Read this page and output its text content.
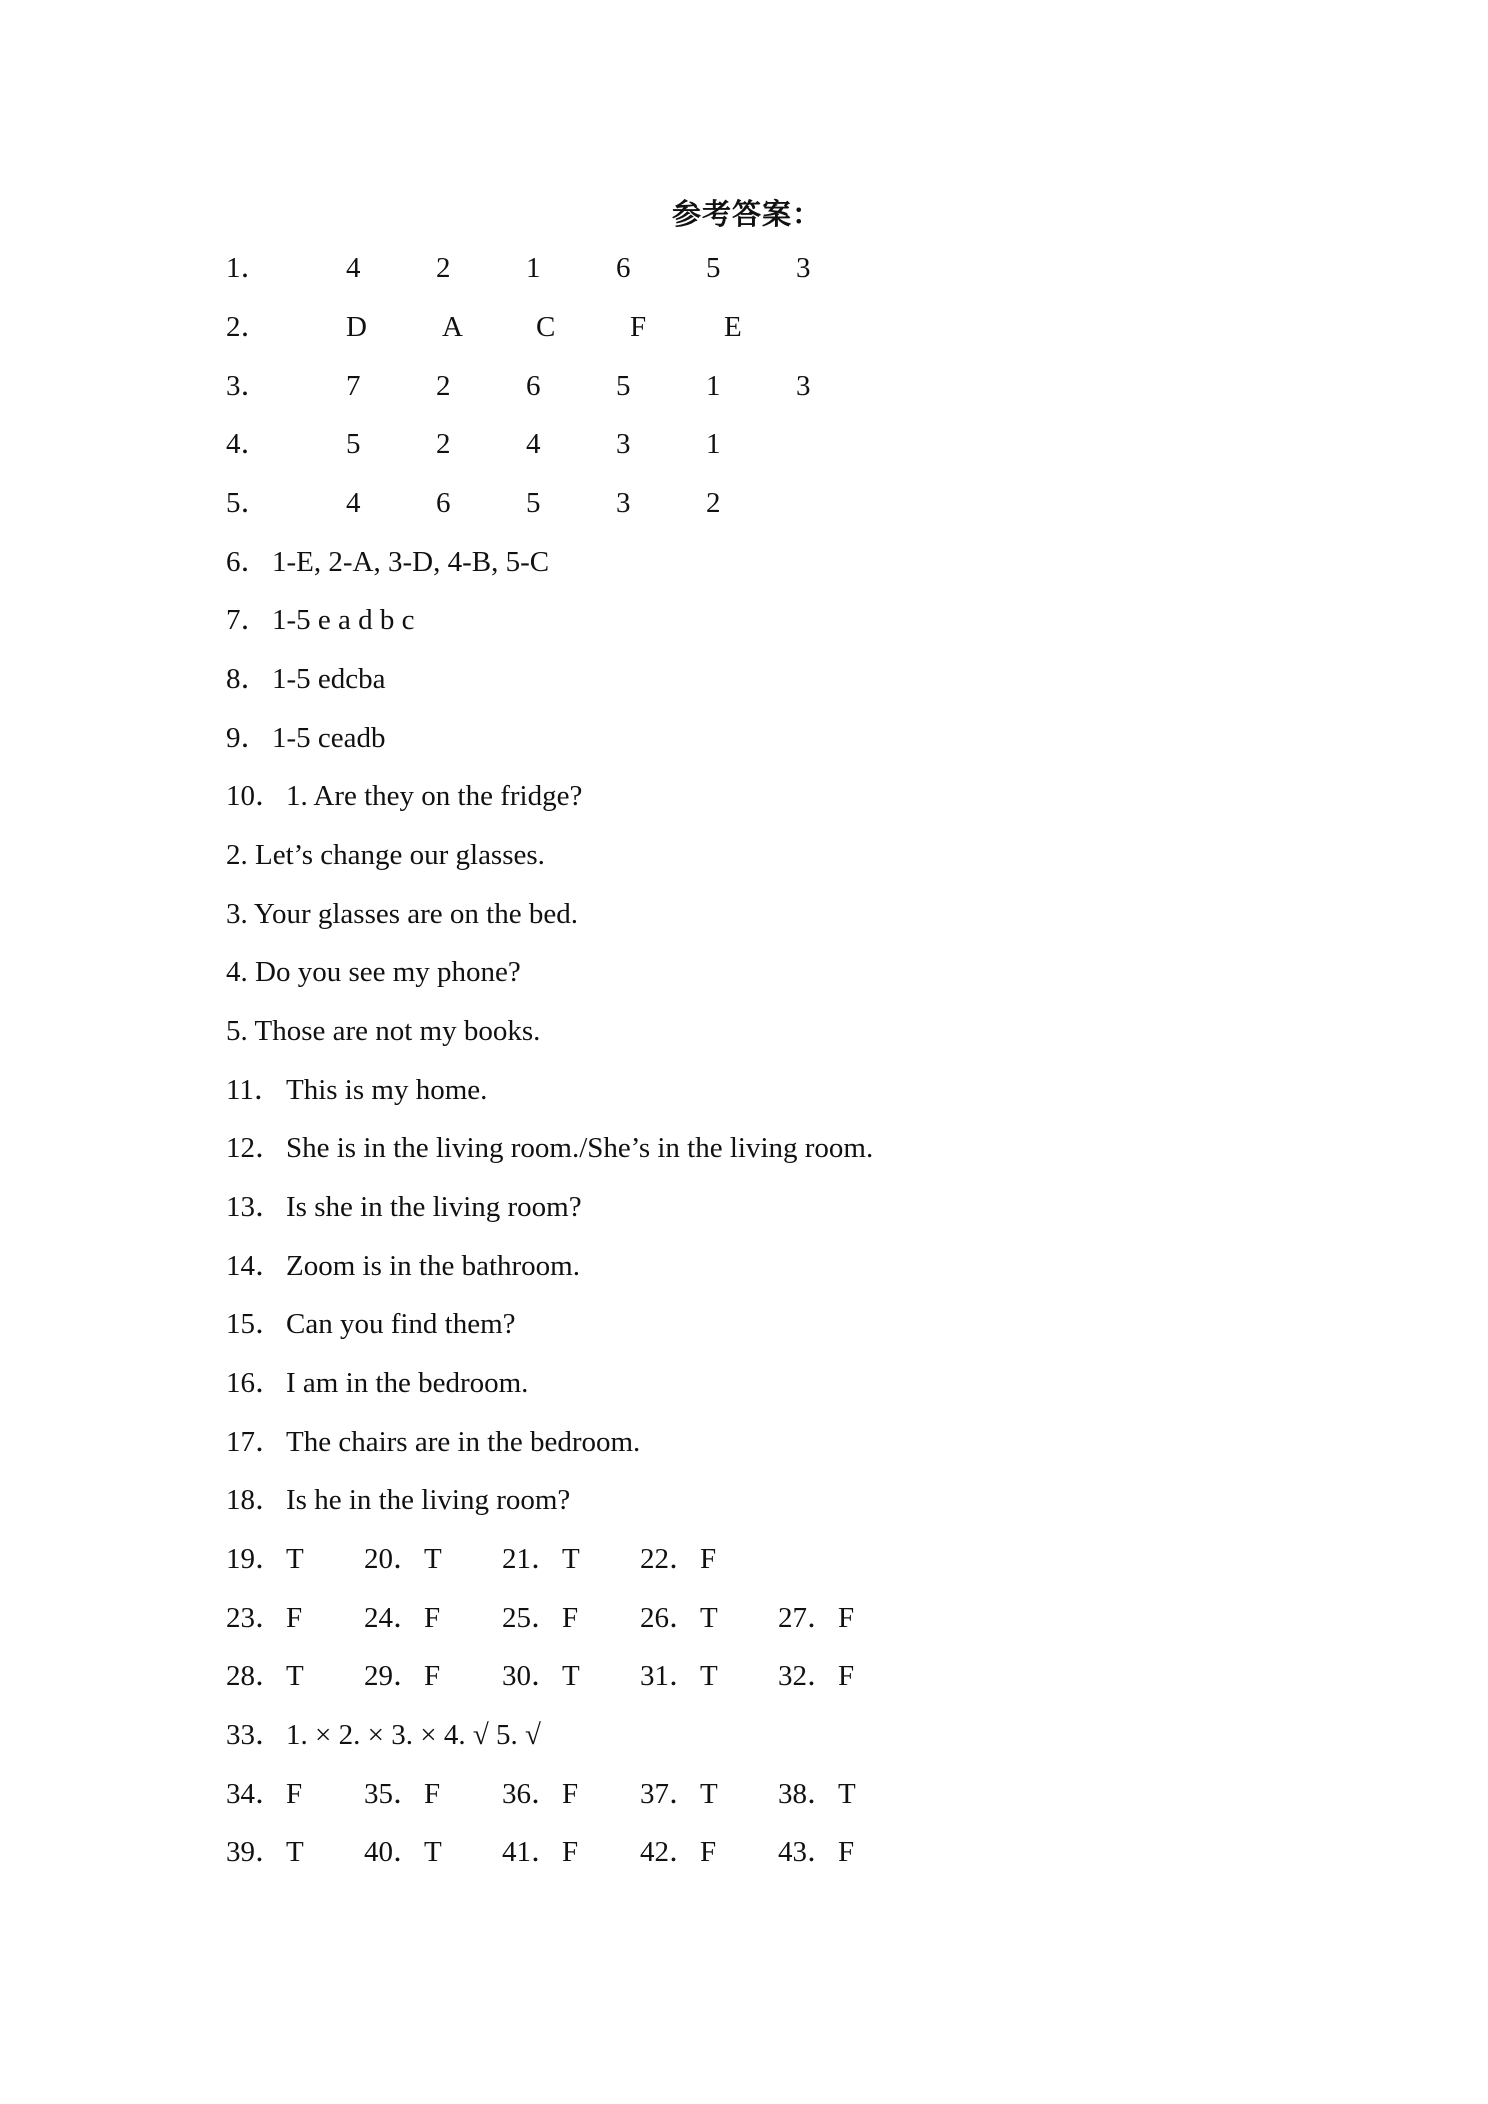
参考答案：
1．	4	2	1	6	5	3
2．	D	A	C	F	E
3．	7	2	6	5	1	3
4．	5	2	4	3	1
5．	4	6	5	3	2
6． 1-E, 2-A, 3-D, 4-B, 5-C
7． 1-5 e a d b c
8． 1-5 edcba
9． 1-5 ceadb
10． 1. Are they on the fridge?
2. Let’s change our glasses.
3. Your glasses are on the bed.
4. Do you see my phone?
5. Those are not my books.
11． This is my home.
12． She is in the living room./She’s in the living room.
13． Is she in the living room?
14． Zoom is in the bathroom.
15． Can you find them?
16． I am in the bedroom.
17． The chairs are in the bedroom.
18． Is he in the living room?
19． T 20． T 21． T 22． F
23． F 24． F 25． F 26． T 27． F
28． T 29． F 30． T 31． T 32． F
33． 1. × 2. × 3. × 4. √ 5. √
34． F 35． F 36． F 37． T 38． T
39． T 40． T 41． F 42． F 43． F
